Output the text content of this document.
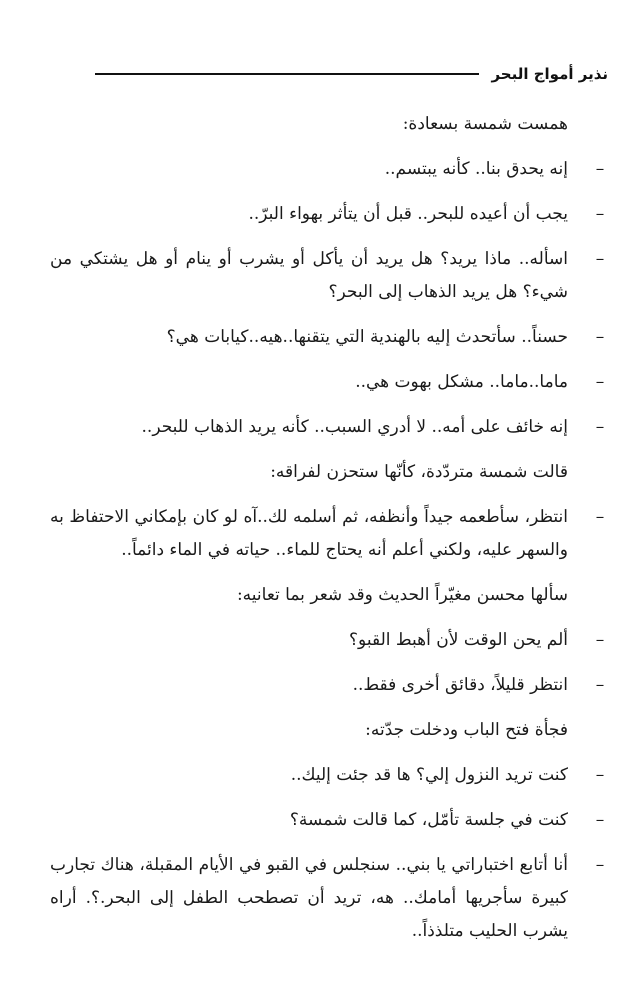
نذير أمواج البحر

همست شمسة بسعادة:

–
إنه يحدق بنا.. كأنه يبتسم..

–
يجب أن أعيده للبحر.. قبل أن يتأثر بهواء البرّ..

–
اسأله.. ماذا يريد؟ هل يريد أن يأكل أو يشرب أو ينام أو هل يشتكي من شيء؟ هل يريد الذهاب إلى البحر؟

–
حسناً.. سأتحدث إليه بالهندية التي يتقنها..هيه..كيابات هي؟

–
ماما..ماما.. مشكل بهوت هي..

–
إنه خائف على أمه.. لا أدري السبب.. كأنه يريد الذهاب للبحر..

قالت شمسة متردّدة، كأنّها ستحزن لفراقه:

–
انتظر، سأطعمه جيداً وأنظفه، ثم أسلمه لك..آه لو كان بإمكاني الاحتفاظ به والسهر عليه، ولكني أعلم أنه يحتاج للماء.. حياته في الماء دائماً..

سألها محسن مغيّراً الحديث وقد شعر بما تعانيه:

–
ألم يحن الوقت لأن أهبط القبو؟

–
انتظر قليلاً، دقائق أخرى فقط..

فجأة فتح الباب ودخلت جدّته:

–
كنت تريد النزول إلي؟ ها قد جئت إليك..

–
كنت في جلسة تأمّل، كما قالت شمسة؟

–
أنا أتابع اختباراتي يا بني.. سنجلس في القبو في الأيام المقبلة، هناك تجارب كبيرة سأجريها أمامك.. هه، تريد أن تصطحب الطفل إلى البحر.؟. أراه يشرب الحليب متلذذاً..
